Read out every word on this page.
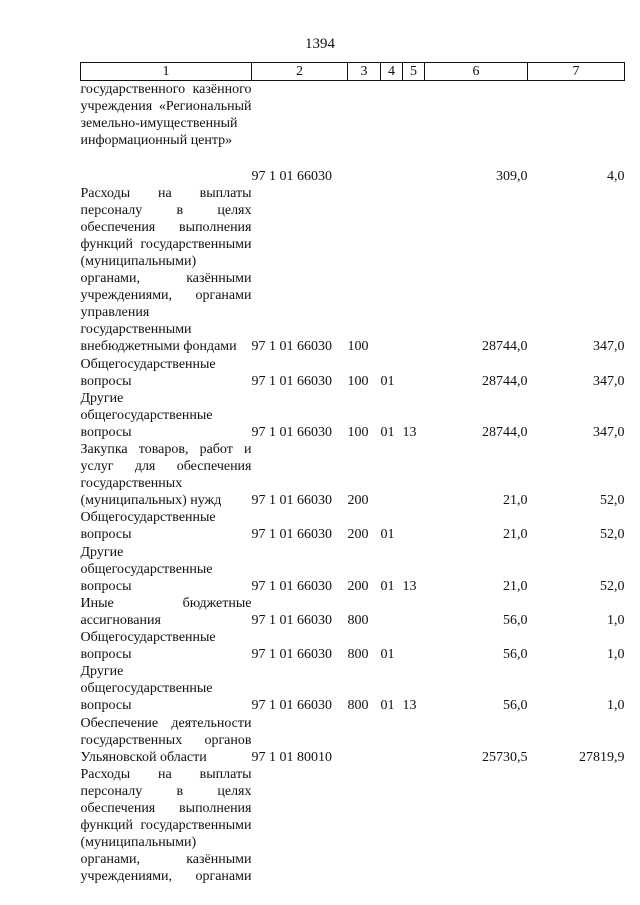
1394
1	2	3	4	5	6	7
государственного казённого учреждения «Региональный земельно-имущественный информационный центр»	97 1 01 66030				309,0	4,0
Расходы на выплаты персоналу в целях обеспечения выполнения функций государственными (муниципальными) органами, казёнными учреждениями, органами управления государственными внебюджетными фондами	97 1 01 66030	100			28744,0	347,0
Общегосударственные вопросы	97 1 01 66030	100	01		28744,0	347,0
Другие общегосударственные вопросы	97 1 01 66030	100	01	13	28744,0	347,0
Закупка товаров, работ и услуг для обеспечения государственных (муниципальных) нужд	97 1 01 66030	200			21,0	52,0
Общегосударственные вопросы	97 1 01 66030	200	01		21,0	52,0
Другие общегосударственные вопросы	97 1 01 66030	200	01	13	21,0	52,0
Иные бюджетные ассигнования	97 1 01 66030	800			56,0	1,0
Общегосударственные вопросы	97 1 01 66030	800	01		56,0	1,0
Другие общегосударственные вопросы	97 1 01 66030	800	01	13	56,0	1,0
Обеспечение деятельности государственных органов Ульяновской области	97 1 01 80010				25730,5	27819,9
Расходы на выплаты персоналу в целях обеспечения выполнения функций государственными (муниципальными) органами, казёнными учреждениями, органами						
